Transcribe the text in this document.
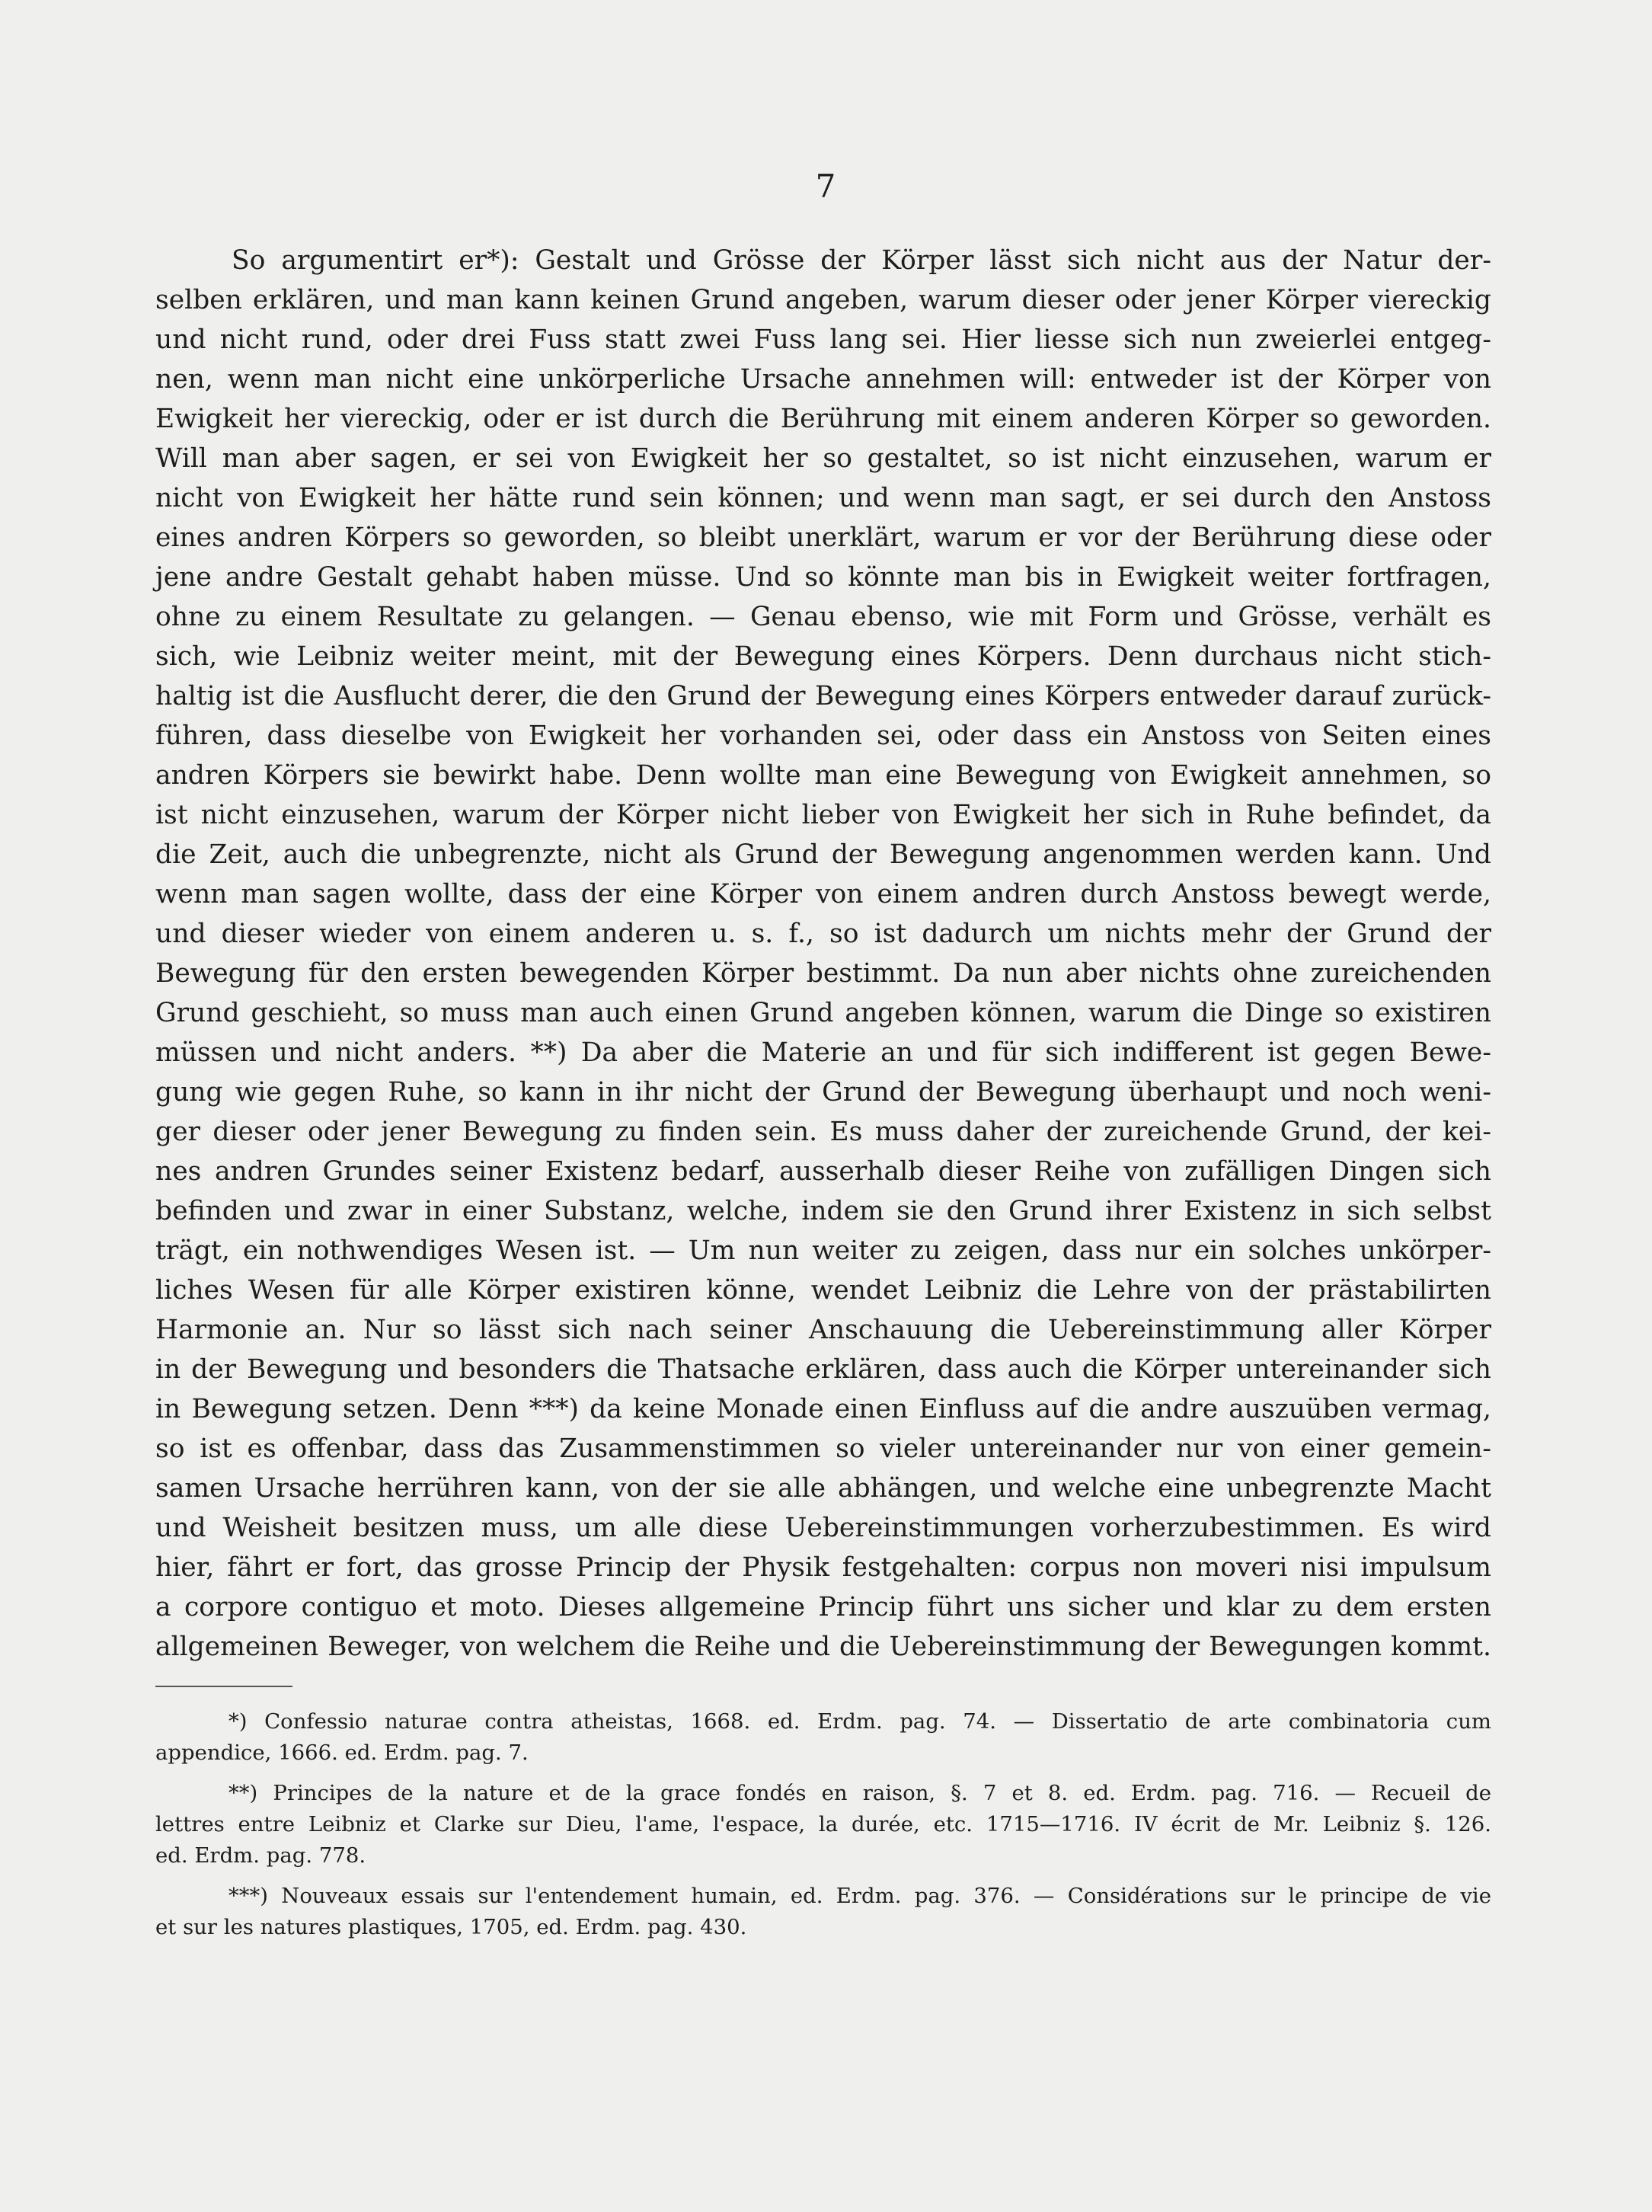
7
So argumentirt er*): Gestalt und Grösse der Körper lässt sich nicht aus der Natur der-
selben erklären, und man kann keinen Grund angeben, warum dieser oder jener Körper viereckig
und nicht rund, oder drei Fuss statt zwei Fuss lang sei. Hier liesse sich nun zweierlei entgeg-
nen, wenn man nicht eine unkörperliche Ursache annehmen will: entweder ist der Körper von
Ewigkeit her viereckig, oder er ist durch die Berührung mit einem anderen Körper so geworden.
Will man aber sagen, er sei von Ewigkeit her so gestaltet, so ist nicht einzusehen, warum er
nicht von Ewigkeit her hätte rund sein können; und wenn man sagt, er sei durch den Anstoss
eines andren Körpers so geworden, so bleibt unerklärt, warum er vor der Berührung diese oder
jene andre Gestalt gehabt haben müsse. Und so könnte man bis in Ewigkeit weiter fortfragen,
ohne zu einem Resultate zu gelangen. — Genau ebenso, wie mit Form und Grösse, verhält es
sich, wie Leibniz weiter meint, mit der Bewegung eines Körpers. Denn durchaus nicht stich-
haltig ist die Ausflucht derer, die den Grund der Bewegung eines Körpers entweder darauf zurück-
führen, dass dieselbe von Ewigkeit her vorhanden sei, oder dass ein Anstoss von Seiten eines
andren Körpers sie bewirkt habe. Denn wollte man eine Bewegung von Ewigkeit annehmen, so
ist nicht einzusehen, warum der Körper nicht lieber von Ewigkeit her sich in Ruhe befindet, da
die Zeit, auch die unbegrenzte, nicht als Grund der Bewegung angenommen werden kann. Und
wenn man sagen wollte, dass der eine Körper von einem andren durch Anstoss bewegt werde,
und dieser wieder von einem anderen u. s. f., so ist dadurch um nichts mehr der Grund der
Bewegung für den ersten bewegenden Körper bestimmt. Da nun aber nichts ohne zureichenden
Grund geschieht, so muss man auch einen Grund angeben können, warum die Dinge so existiren
müssen und nicht anders. **) Da aber die Materie an und für sich indifferent ist gegen Bewe-
gung wie gegen Ruhe, so kann in ihr nicht der Grund der Bewegung überhaupt und noch weni-
ger dieser oder jener Bewegung zu finden sein. Es muss daher der zureichende Grund, der kei-
nes andren Grundes seiner Existenz bedarf, ausserhalb dieser Reihe von zufälligen Dingen sich
befinden und zwar in einer Substanz, welche, indem sie den Grund ihrer Existenz in sich selbst
trägt, ein nothwendiges Wesen ist. — Um nun weiter zu zeigen, dass nur ein solches unkörper-
liches Wesen für alle Körper existiren könne, wendet Leibniz die Lehre von der prästabilirten
Harmonie an. Nur so lässt sich nach seiner Anschauung die Uebereinstimmung aller Körper
in der Bewegung und besonders die Thatsache erklären, dass auch die Körper untereinander sich
in Bewegung setzen. Denn ***) da keine Monade einen Einfluss auf die andre auszuüben vermag,
so ist es offenbar, dass das Zusammenstimmen so vieler untereinander nur von einer gemein-
samen Ursache herrühren kann, von der sie alle abhängen, und welche eine unbegrenzte Macht
und Weisheit besitzen muss, um alle diese Uebereinstimmungen vorherzubestimmen. Es wird
hier, fährt er fort, das grosse Princip der Physik festgehalten: corpus non moveri nisi impulsum
a corpore contiguo et moto. Dieses allgemeine Princip führt uns sicher und klar zu dem ersten
allgemeinen Beweger, von welchem die Reihe und die Uebereinstimmung der Bewegungen kommt.
*) Confessio naturae contra atheistas, 1668. ed. Erdm. pag. 74. — Dissertatio de arte combinatoria cum
appendice, 1666. ed. Erdm. pag. 7.
**) Principes de la nature et de la grace fondés en raison, §. 7 et 8. ed. Erdm. pag. 716. — Recueil de
lettres entre Leibniz et Clarke sur Dieu, l'ame, l'espace, la durée, etc. 1715—1716. IV écrit de Mr. Leibniz §. 126.
ed. Erdm. pag. 778.
***) Nouveaux essais sur l'entendement humain, ed. Erdm. pag. 376. — Considérations sur le principe de vie
et sur les natures plastiques, 1705, ed. Erdm. pag. 430.
